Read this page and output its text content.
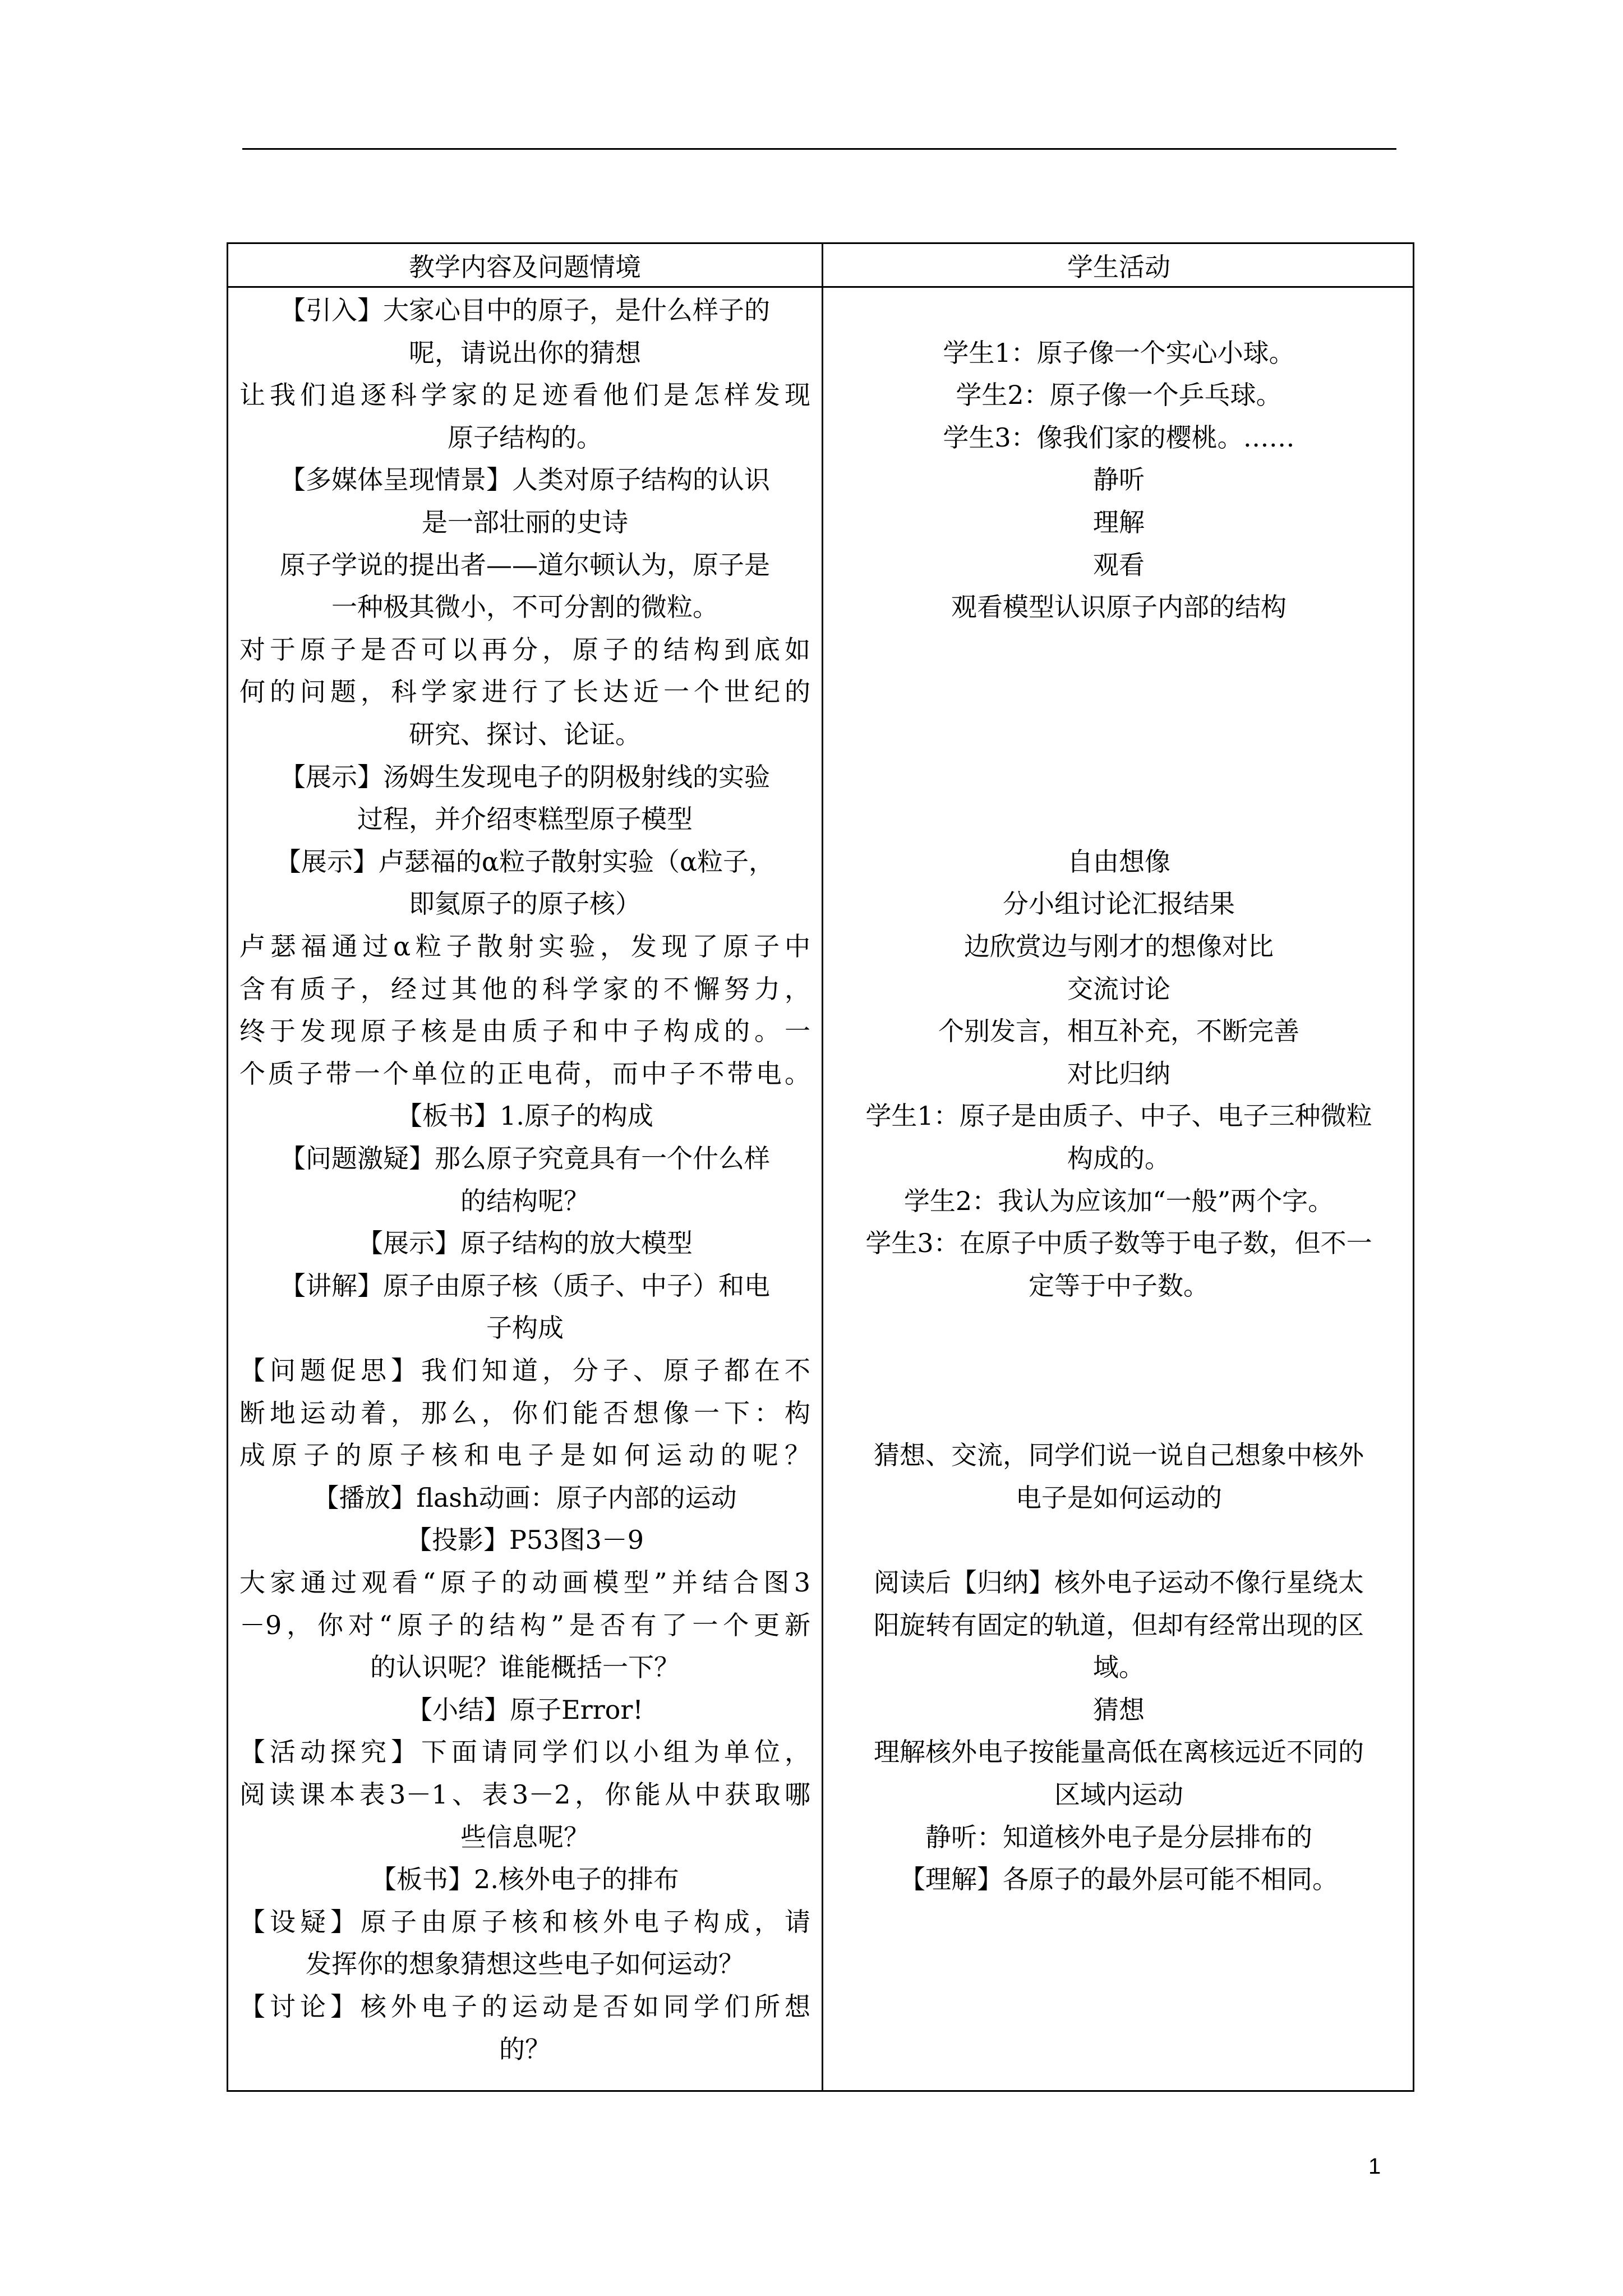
教学内容及问题情境	学生活动
【引入】大家心目中的原子，是什么样子的
呢，请说出你的猜想
让我们追逐科学家的足迹看他们是怎样发现
原子结构的。
【多媒体呈现情景】人类对原子结构的认识
是一部壮丽的史诗
原子学说的提出者——道尔顿认为，原子是
一种极其微小，不可分割的微粒。
对于原子是否可以再分，原子的结构到底如
何的问题，科学家进行了长达近一个世纪的
研究、探讨、论证。
【展示】汤姆生发现电子的阴极射线的实验
过程，并介绍枣糕型原子模型
【展示】卢瑟福的α粒子散射实验（α粒子，
即氦原子的原子核）
卢瑟福通过α粒子散射实验，发现了原子中
含有质子，经过其他的科学家的不懈努力，
终于发现原子核是由质子和中子构成的。一
个质子带一个单位的正电荷，而中子不带电。
【板书】1.原子的构成
【问题激疑】那么原子究竟具有一个什么样
的结构呢？
【展示】原子结构的放大模型
【讲解】原子由原子核（质子、中子）和电
子构成
【问题促思】我们知道，分子、原子都在不
断地运动着，那么，你们能否想像一下：构
成原子的原子核和电子是如何运动的呢？
【播放】flash动画：原子内部的运动
【投影】P53图3－9
大家通过观看“原子的动画模型”并结合图3
－9，你对“原子的结构”是否有了一个更新
的认识呢？谁能概括一下？
【小结】原子Error!
【活动探究】下面请同学们以小组为单位，
阅读课本表3－1、表3－2，你能从中获取哪
些信息呢？
【板书】2.核外电子的排布
【设疑】原子由原子核和核外电子构成，请
发挥你的想象猜想这些电子如何运动？
【讨论】核外电子的运动是否如同学们所想
的？
学生1：原子像一个实心小球。
学生2：原子像一个乒乓球。
学生3：像我们家的樱桃。……
静听
理解
观看
观看模型认识原子内部的结构
自由想像
分小组讨论汇报结果
边欣赏边与刚才的想像对比
交流讨论
个别发言，相互补充，不断完善
对比归纳
学生1：原子是由质子、中子、电子三种微粒
构成的。
学生2：我认为应该加“一般”两个字。
学生3：在原子中质子数等于电子数，但不一
定等于中子数。
猜想、交流，同学们说一说自己想象中核外
电子是如何运动的
阅读后【归纳】核外电子运动不像行星绕太
阳旋转有固定的轨道，但却有经常出现的区
域。
猜想
理解核外电子按能量高低在离核远近不同的
区域内运动
静听：知道核外电子是分层排布的
【理解】各原子的最外层可能不相同。
1
